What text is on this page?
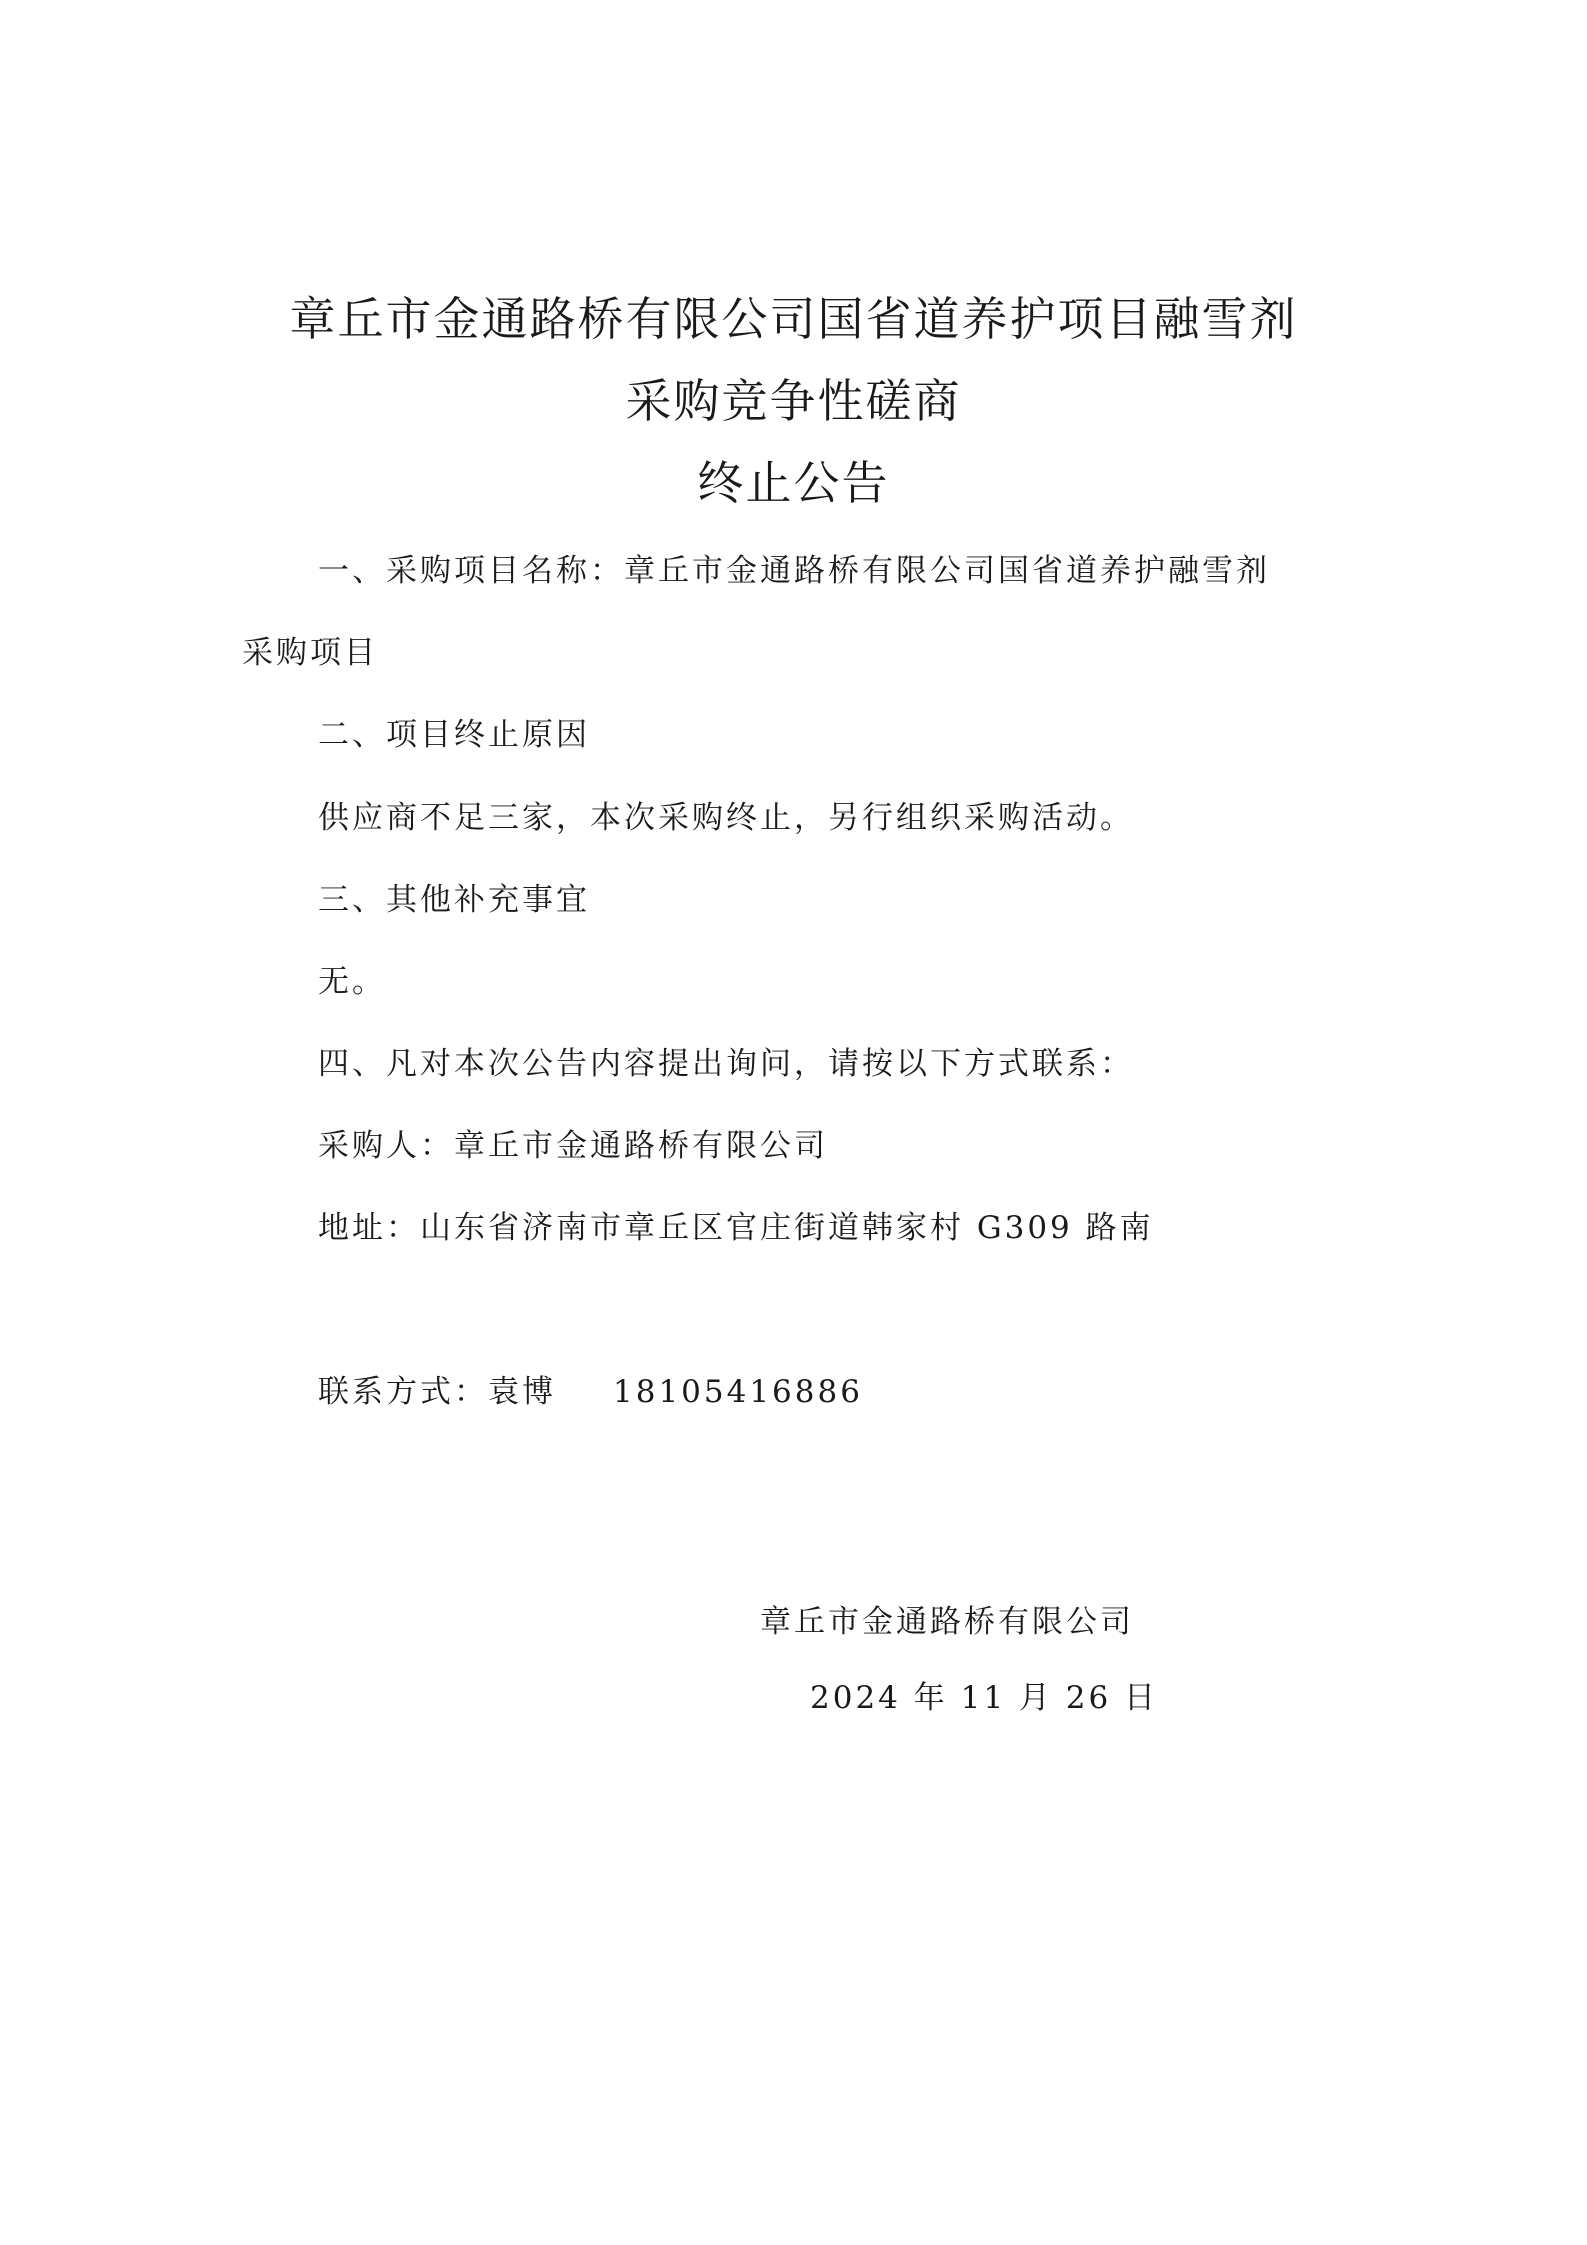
章丘市金通路桥有限公司国省道养护项目融雪剂
采购竞争性磋商
终止公告
一、采购项目名称：章丘市金通路桥有限公司国省道养护融雪剂
采购项目
二、项目终止原因
供应商不足三家，本次采购终止，另行组织采购活动。
三、其他补充事宜
无。
四、凡对本次公告内容提出询问，请按以下方式联系：
采购人：章丘市金通路桥有限公司
地址：山东省济南市章丘区官庄街道韩家村 G309 路南
联系方式：袁博 18105416886
章丘市金通路桥有限公司
2024 年 11 月 26 日
